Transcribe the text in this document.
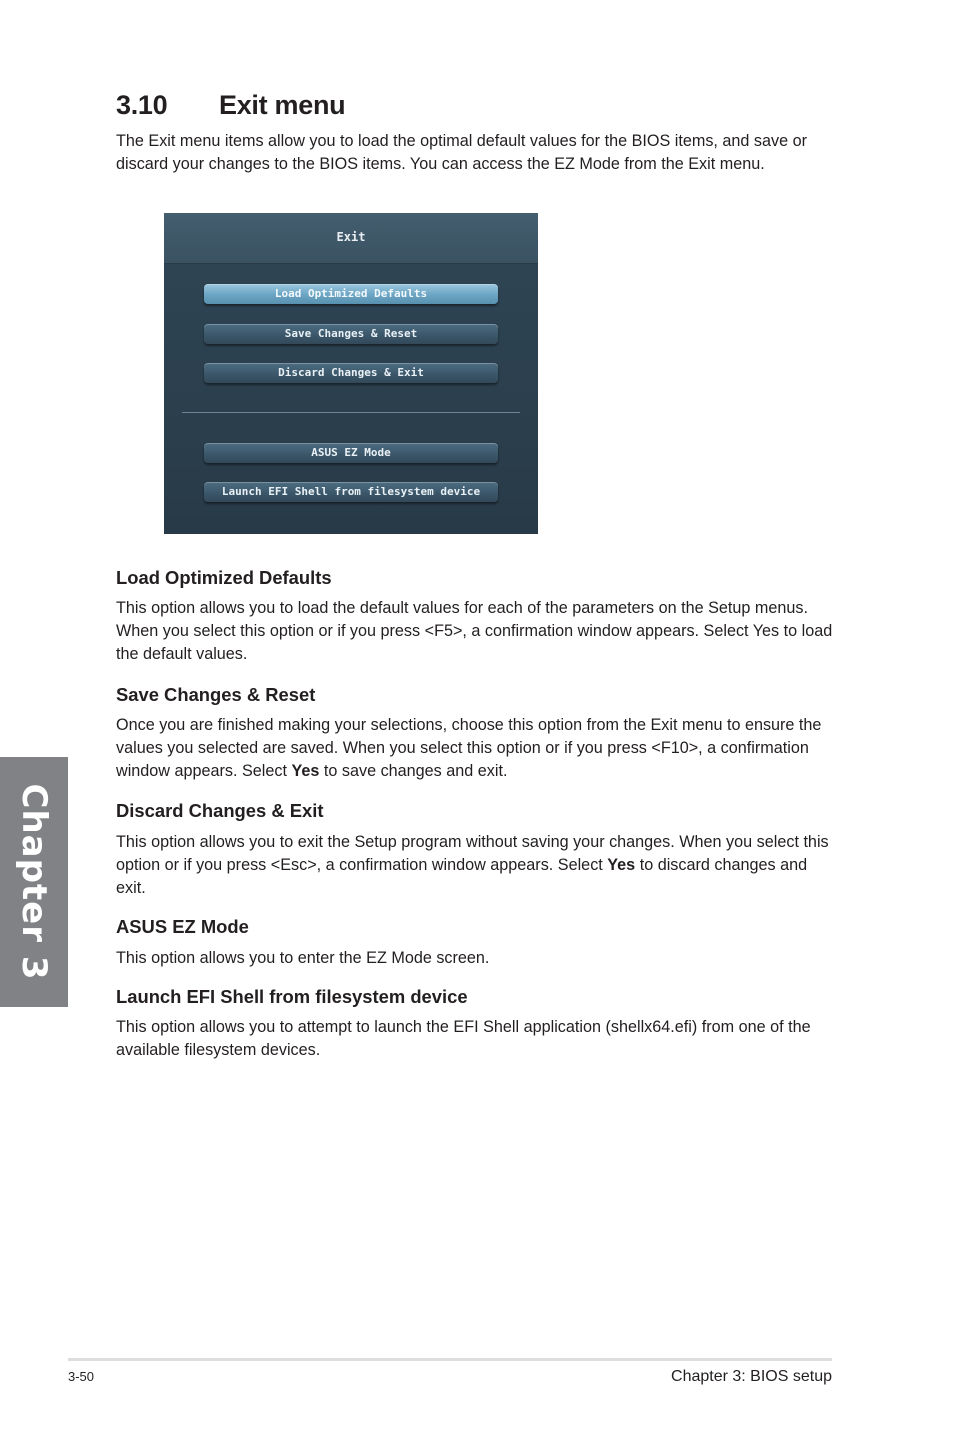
3.10 Exit menu

The Exit menu items allow you to load the optimal default values for the BIOS items, and save or discard your changes to the BIOS items. You can access the EZ Mode from the Exit menu.

Exit
Load Optimized Defaults
Save Changes & Reset
Discard Changes & Exit
ASUS EZ Mode
Launch EFI Shell from filesystem device
Load Optimized Defaults

This option allows you to load the default values for each of the parameters on the Setup menus. When you select this option or if you press <F5>, a confirmation window appears. Select Yes to load the default values.

Save Changes & Reset

Once you are finished making your selections, choose this option from the Exit menu to ensure the values you selected are saved. When you select this option or if you press <F10>, a confirmation window appears. Select Yes to save changes and exit.

Discard Changes & Exit

This option allows you to exit the Setup program without saving your changes. When you select this option or if you press <Esc>, a confirmation window appears. Select Yes to discard changes and exit.

ASUS EZ Mode

This option allows you to enter the EZ Mode screen.

Launch EFI Shell from filesystem device

This option allows you to attempt to launch the EFI Shell application (shellx64.efi) from one of the available filesystem devices.

Chapter 3
3-50	Chapter 3: BIOS setup
